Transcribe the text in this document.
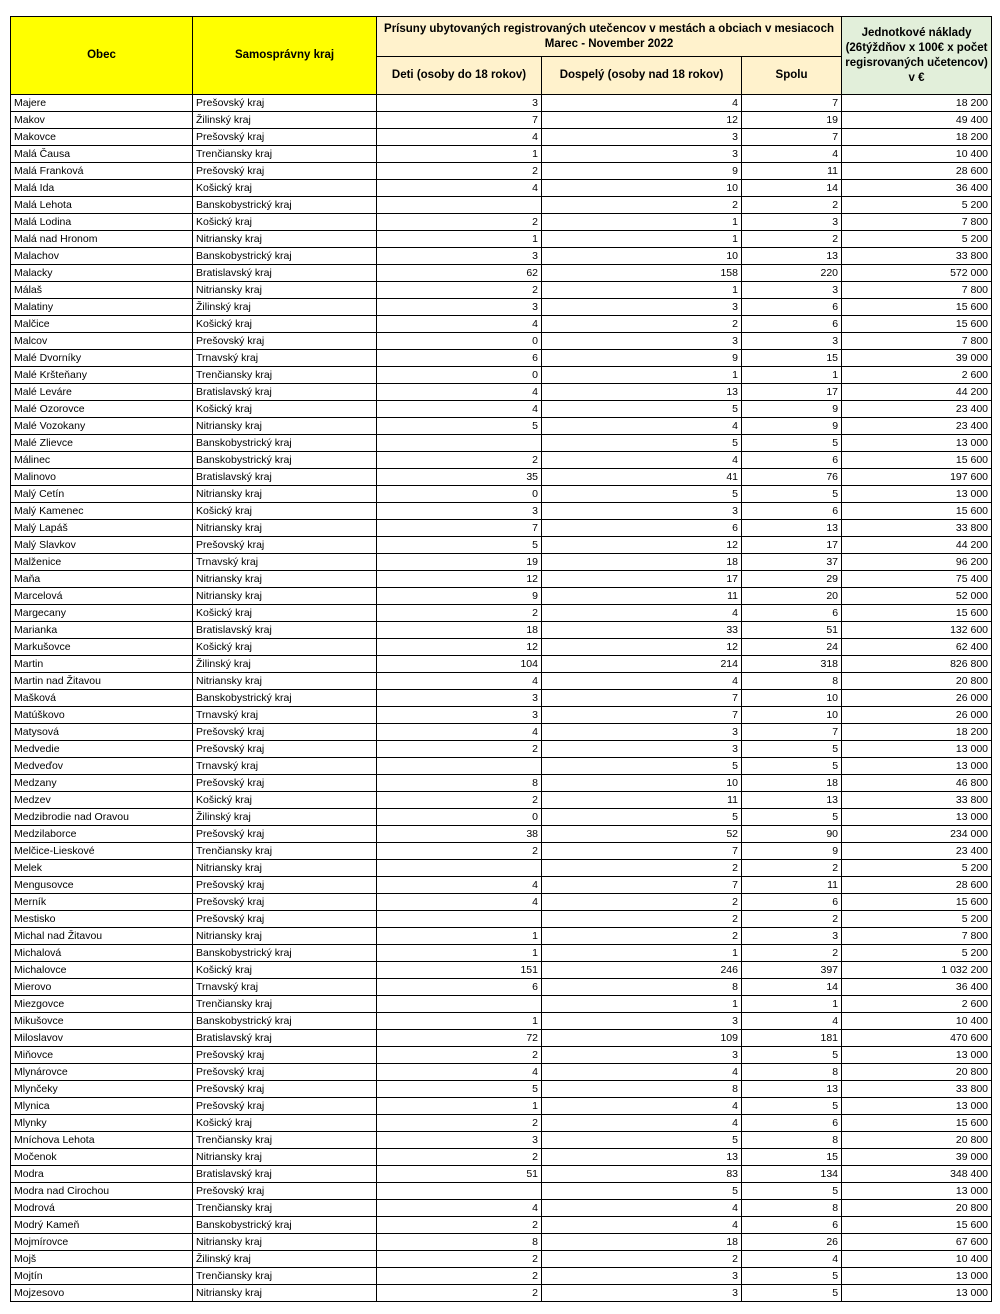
Obec	Samosprávny kraj	Prísuny ubytovaných registrovaných utečencov v mestách a obciach v mesiacoch Marec - November 2022			Jednotkové náklady (26týždňov x 100€ x počet regisrovaných učetencov) v €
		Deti (osoby do 18 rokov)	Dospelý (osoby nad 18 rokov)	Spolu	
Majere	Prešovský kraj	3	4	7	18 200
Makov	Žilinský kraj	7	12	19	49 400
Makovce	Prešovský kraj	4	3	7	18 200
Malá Čausa	Trenčiansky kraj	1	3	4	10 400
Malá Franková	Prešovský kraj	2	9	11	28 600
Malá Ida	Košický kraj	4	10	14	36 400
Malá Lehota	Banskobystrický kraj		2	2	5 200
Malá Lodina	Košický kraj	2	1	3	7 800
Malá nad Hronom	Nitriansky kraj	1	1	2	5 200
Malachov	Banskobystrický kraj	3	10	13	33 800
Malacky	Bratislavský kraj	62	158	220	572 000
Málaš	Nitriansky kraj	2	1	3	7 800
Malatiny	Žilinský kraj	3	3	6	15 600
Malčice	Košický kraj	4	2	6	15 600
Malcov	Prešovský kraj	0	3	3	7 800
Malé Dvorníky	Trnavský kraj	6	9	15	39 000
Malé Kršteňany	Trenčiansky kraj	0	1	1	2 600
Malé Leváre	Bratislavský kraj	4	13	17	44 200
Malé Ozorovce	Košický kraj	4	5	9	23 400
Malé Vozokany	Nitriansky kraj	5	4	9	23 400
Malé Zlievce	Banskobystrický kraj		5	5	13 000
Málinec	Banskobystrický kraj	2	4	6	15 600
Malinovo	Bratislavský kraj	35	41	76	197 600
Malý Cetín	Nitriansky kraj	0	5	5	13 000
Malý Kamenec	Košický kraj	3	3	6	15 600
Malý Lapáš	Nitriansky kraj	7	6	13	33 800
Malý Slavkov	Prešovský kraj	5	12	17	44 200
Malženice	Trnavský kraj	19	18	37	96 200
Maňa	Nitriansky kraj	12	17	29	75 400
Marcelová	Nitriansky kraj	9	11	20	52 000
Margecany	Košický kraj	2	4	6	15 600
Marianka	Bratislavský kraj	18	33	51	132 600
Markušovce	Košický kraj	12	12	24	62 400
Martin	Žilinský kraj	104	214	318	826 800
Martin nad Žitavou	Nitriansky kraj	4	4	8	20 800
Mašková	Banskobystrický kraj	3	7	10	26 000
Matúškovo	Trnavský kraj	3	7	10	26 000
Matysová	Prešovský kraj	4	3	7	18 200
Medvedie	Prešovský kraj	2	3	5	13 000
Medveďov	Trnavský kraj		5	5	13 000
Medzany	Prešovský kraj	8	10	18	46 800
Medzev	Košický kraj	2	11	13	33 800
Medzibrodie nad Oravou	Žilinský kraj	0	5	5	13 000
Medzilaborce	Prešovský kraj	38	52	90	234 000
Melčice-Lieskové	Trenčiansky kraj	2	7	9	23 400
Melek	Nitriansky kraj		2	2	5 200
Mengusovce	Prešovský kraj	4	7	11	28 600
Merník	Prešovský kraj	4	2	6	15 600
Mestisko	Prešovský kraj		2	2	5 200
Michal nad Žitavou	Nitriansky kraj	1	2	3	7 800
Michalová	Banskobystrický kraj	1	1	2	5 200
Michalovce	Košický kraj	151	246	397	1 032 200
Mierovo	Trnavský kraj	6	8	14	36 400
Miezgovce	Trenčiansky kraj		1	1	2 600
Mikušovce	Banskobystrický kraj	1	3	4	10 400
Miloslavov	Bratislavský kraj	72	109	181	470 600
Miňovce	Prešovský kraj	2	3	5	13 000
Mlynárovce	Prešovský kraj	4	4	8	20 800
Mlynčeky	Prešovský kraj	5	8	13	33 800
Mlynica	Prešovský kraj	1	4	5	13 000
Mlynky	Košický kraj	2	4	6	15 600
Mníchova Lehota	Trenčiansky kraj	3	5	8	20 800
Močenok	Nitriansky kraj	2	13	15	39 000
Modra	Bratislavský kraj	51	83	134	348 400
Modra nad Cirochou	Prešovský kraj		5	5	13 000
Modrová	Trenčiansky kraj	4	4	8	20 800
Modrý Kameň	Banskobystrický kraj	2	4	6	15 600
Mojmírovce	Nitriansky kraj	8	18	26	67 600
Mojš	Žilinský kraj	2	2	4	10 400
Mojtín	Trenčiansky kraj	2	3	5	13 000
Mojzesovo	Nitriansky kraj	2	3	5	13 000
